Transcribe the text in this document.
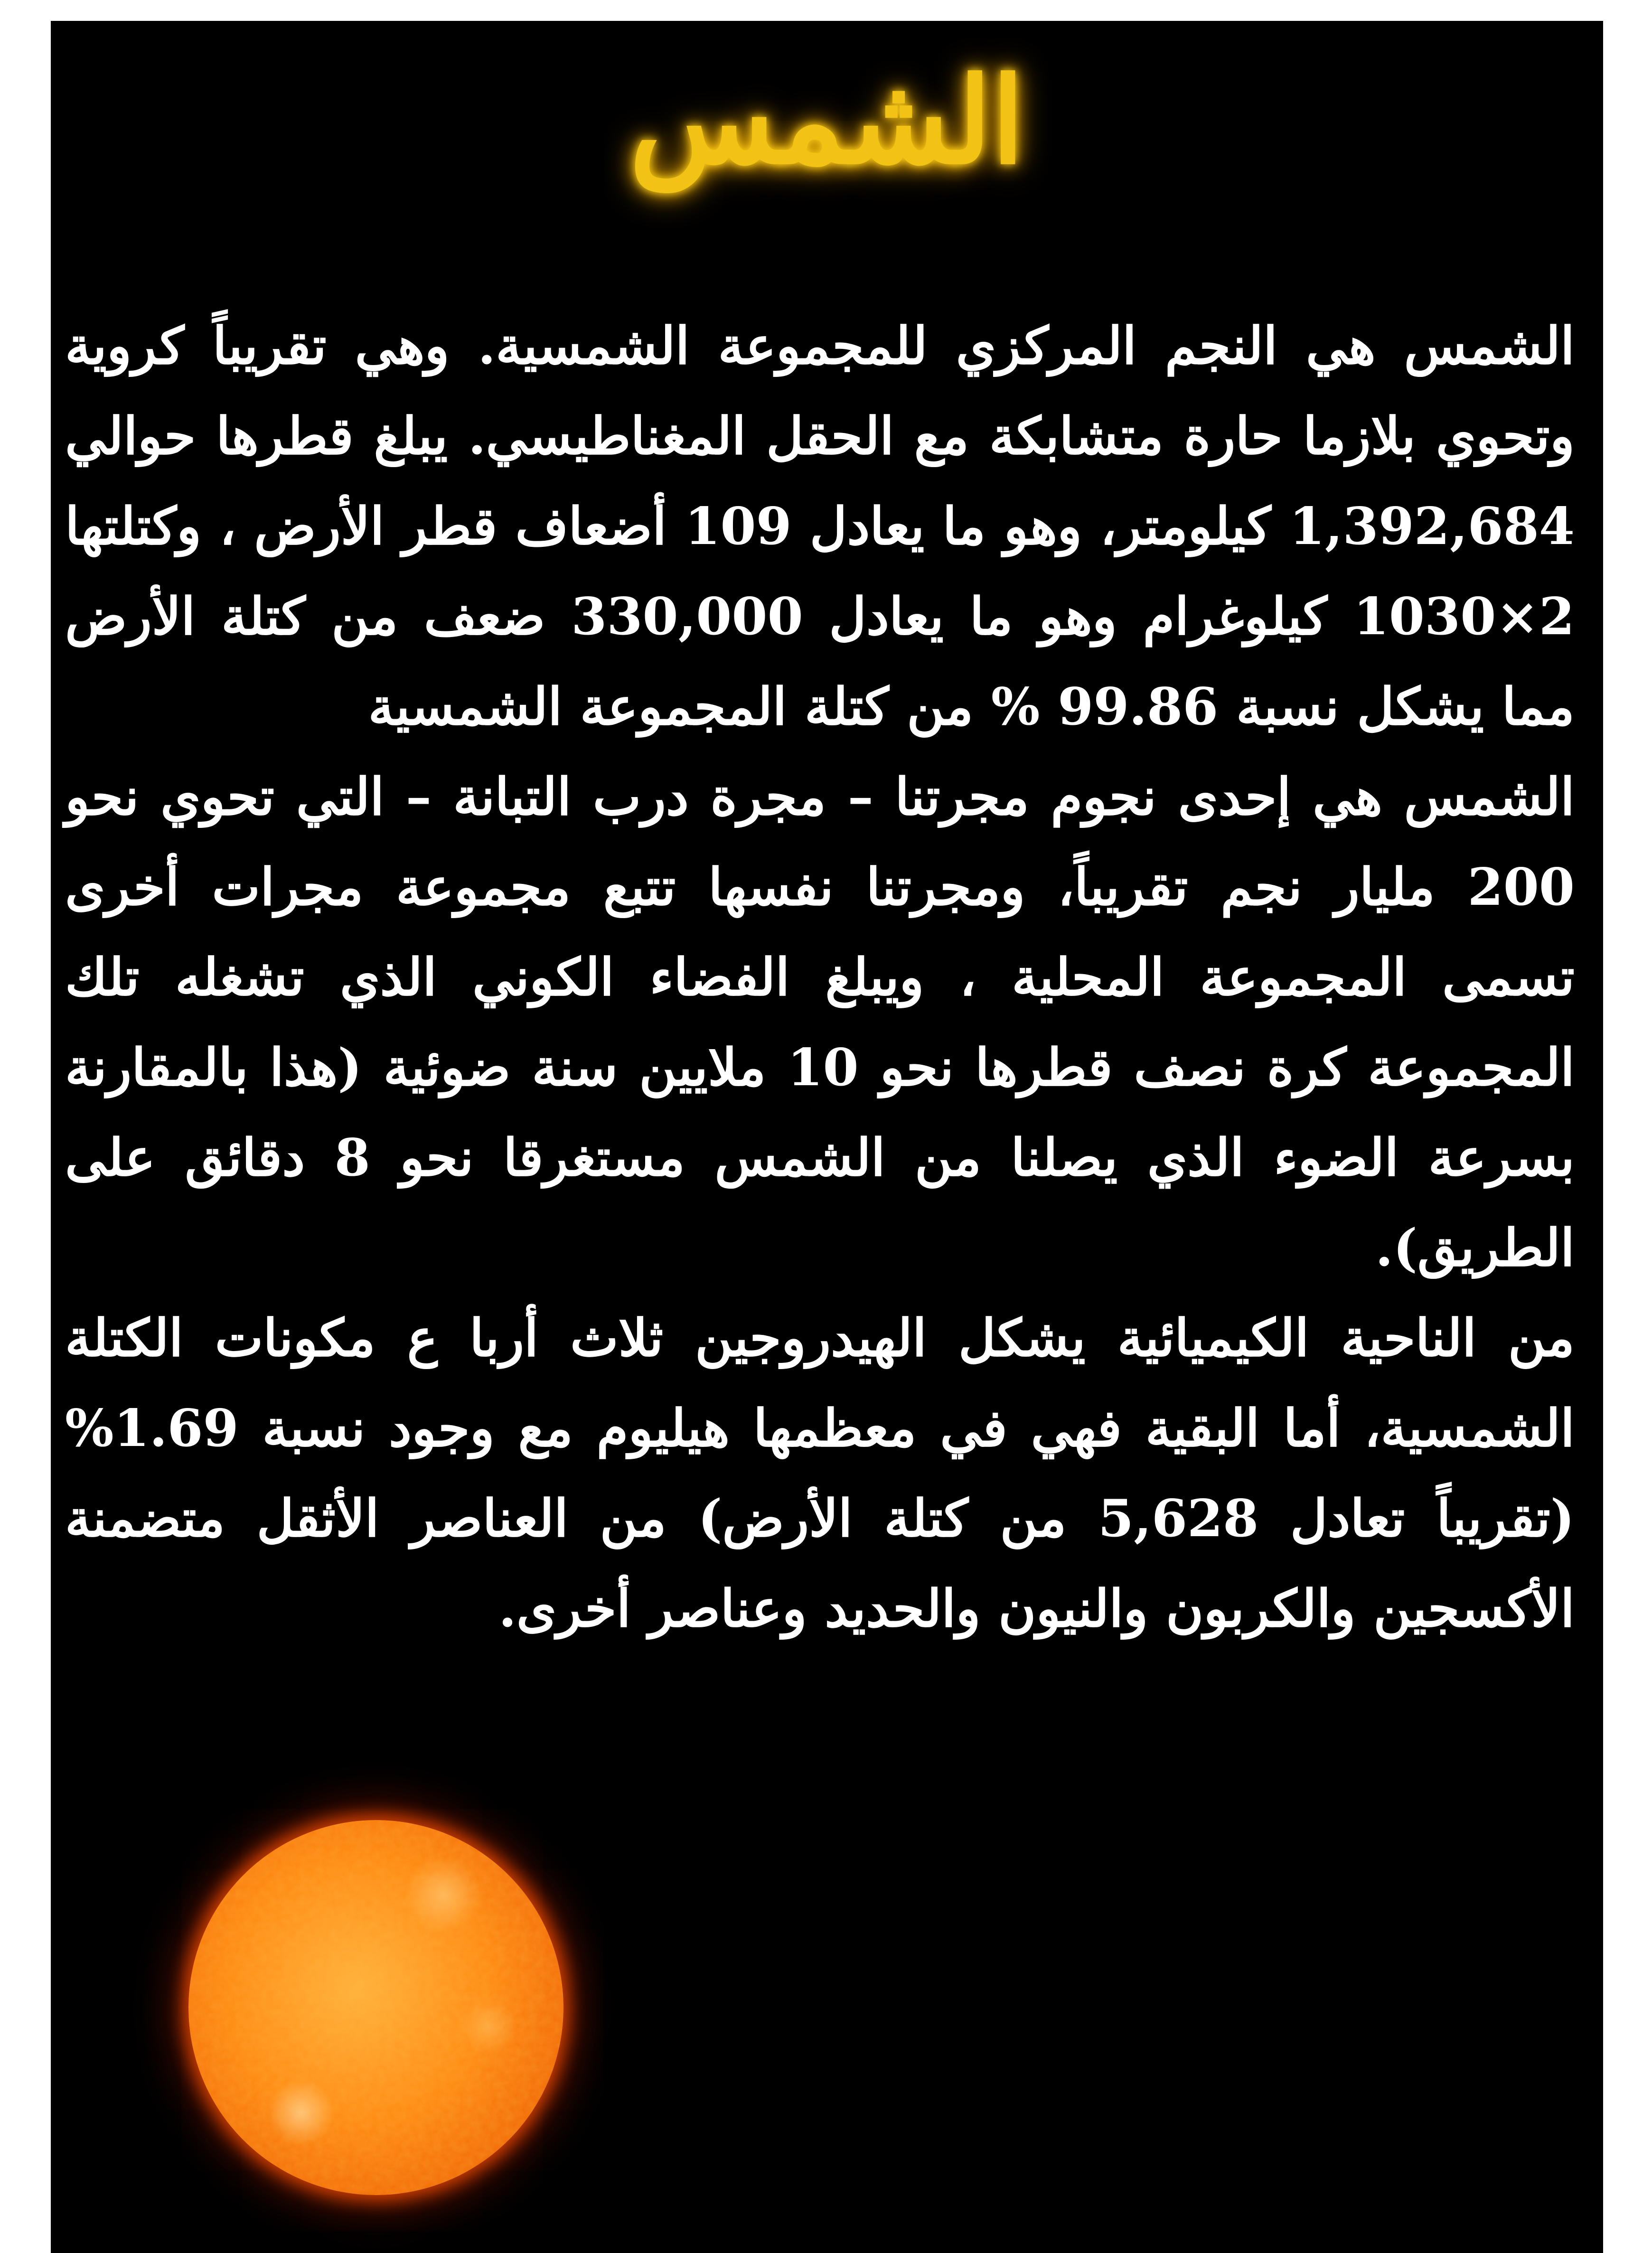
الشمس

الشمس هي النجم المركزي للمجموعة الشمسية. وهي تقريباً كروية وتحوي بلازما حارة متشابكة مع الحقل المغناطيسي. يبلغ قطرها حوالي 1,392,684 كيلومتر، وهو ما يعادل 109 أضعاف قطر الأرض ، وكتلتها 2×1030 كيلوغرام وهو ما يعادل 330,000 ضعف من كتلة الأرض مما يشكل نسبة 99.86 % من كتلة المجموعة الشمسية

الشمس هي إحدى نجوم مجرتنا – مجرة درب التبانة – التي تحوي نحو 200 مليار نجم تقريباً، ومجرتنا نفسها تتبع مجموعة مجرات أخرى تسمى المجموعة المحلية ، ويبلغ الفضاء الكوني الذي تشغله تلك المجموعة كرة نصف قطرها نحو 10 ملايين سنة ضوئية (هذا بالمقارنة بسرعة الضوء الذي يصلنا من الشمس مستغرقا نحو 8 دقائق على الطريق).

من الناحية الكيميائية يشكل الهيدروجين ثلاث أربا ع مكونات الكتلة الشمسية، أما البقية فهي في معظمها هيليوم مع وجود نسبة 1.69% (تقريباً تعادل 5,628 من كتلة الأرض) من العناصر الأثقل متضمنة الأكسجين والكربون والنيون والحديد وعناصر أخرى.
